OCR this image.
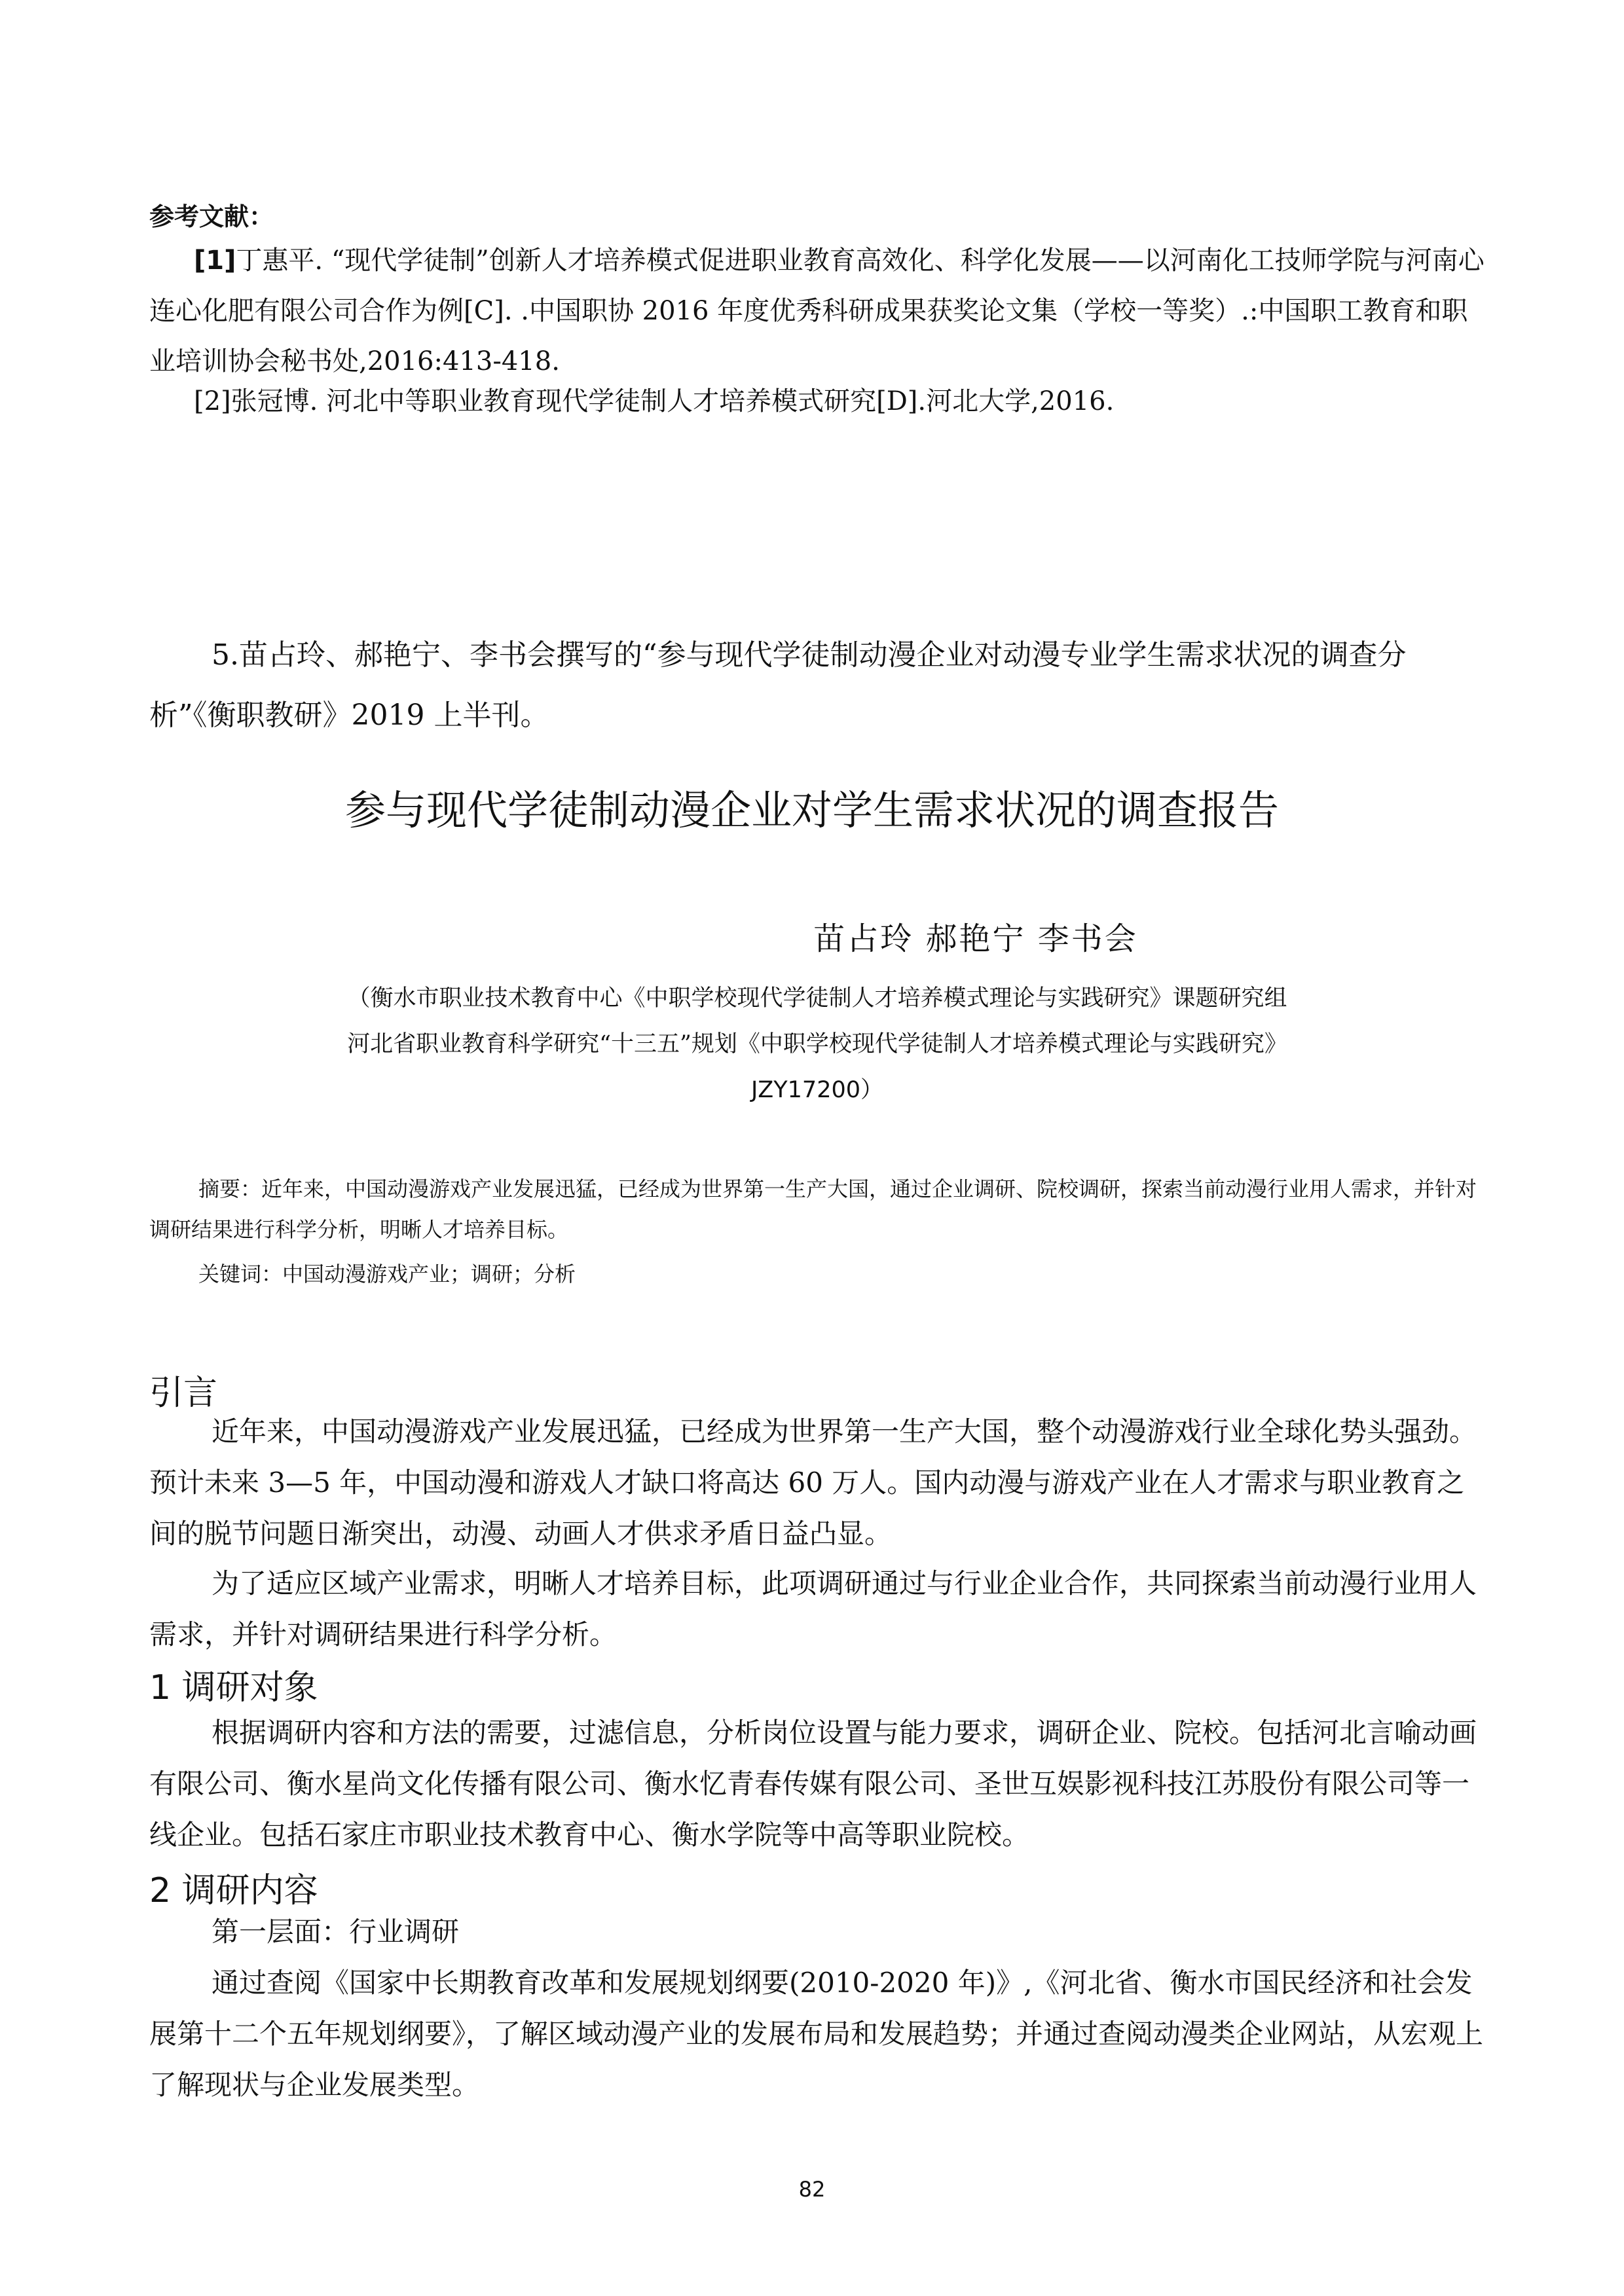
参考文献：

[1]丁惠平. “现代学徒制”创新人才培养模式促进职业教育高效化、科学化发展——以河南化工技师学院与河南心连心化肥有限公司合作为例[C]. .中国职协 2016 年度优秀科研成果获奖论文集（学校一等奖）.:中国职工教育和职业培训协会秘书处,2016:413-418.

[2]张冠博. 河北中等职业教育现代学徒制人才培养模式研究[D].河北大学,2016.

5.苗占玲、郝艳宁、李书会撰写的“参与现代学徒制动漫企业对动漫专业学生需求状况的调查分析”《衡职教研》2019 上半刊。

参与现代学徒制动漫企业对学生需求状况的调查报告
苗占玲 郝艳宁 李书会
（衡水市职业技术教育中心《中职学校现代学徒制人才培养模式理论与实践研究》课题研究组
河北省职业教育科学研究“十三五”规划《中职学校现代学徒制人才培养模式理论与实践研究》
JZY17200）

摘要：近年来，中国动漫游戏产业发展迅猛，已经成为世界第一生产大国，通过企业调研、院校调研，探索当前动漫行业用人需求，并针对调研结果进行科学分析，明晰人才培养目标。

关键词：中国动漫游戏产业；调研；分析

引言

近年来，中国动漫游戏产业发展迅猛，已经成为世界第一生产大国，整个动漫游戏行业全球化势头强劲。预计未来 3—5 年，中国动漫和游戏人才缺口将高达 60 万人。国内动漫与游戏产业在人才需求与职业教育之间的脱节问题日渐突出，动漫、动画人才供求矛盾日益凸显。

为了适应区域产业需求，明晰人才培养目标，此项调研通过与行业企业合作，共同探索当前动漫行业用人需求，并针对调研结果进行科学分析。

1 调研对象

根据调研内容和方法的需要，过滤信息，分析岗位设置与能力要求，调研企业、院校。包括河北言喻动画有限公司、衡水星尚文化传播有限公司、衡水忆青春传媒有限公司、圣世互娱影视科技江苏股份有限公司等一线企业。包括石家庄市职业技术教育中心、衡水学院等中高等职业院校。

2 调研内容

第一层面：行业调研

通过查阅《国家中长期教育改革和发展规划纲要(2010-2020 年)》,《河北省、衡水市国民经济和社会发展第十二个五年规划纲要》，了解区域动漫产业的发展布局和发展趋势；并通过查阅动漫类企业网站，从宏观上了解现状与企业发展类型。

82
